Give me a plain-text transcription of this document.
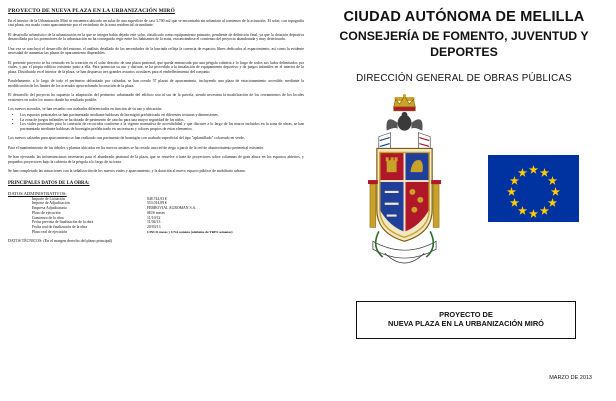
PROYECTO DE NUEVA PLAZA EN LA URBANIZACIÓN MIRÓ

En el interior de la Urbanización Miró se encuentra ubicado un solar de una superficie de casi 3.700 m2 que se encontraba sin urbanizar al comienzo de la actuación. El solar, con topografía casi plana, era usado como aparcamiento por el vecindario de la zona residencial circundante.

El desarrollo urbanístico de la urbanización en la que se integra había dejado este solar, clasificado como equipamiento primario, pendiente de definición final, ya que la dotación deportiva desarrollada por los promotores de la urbanización no ha conseguido regir entre los habitantes de la zona, encontrándose el comienzo del proyecto abandonada y muy deteriorada.

Una vez se concluyó el desarrollo del entorno, el análisis detallado de las necesidades de la barriada refleja la carencia de espacios libres dedicados al esparcimiento, así como la evidente necesidad de aumentar las plazas de aparcamiento disponibles.

El presente proyecto se ha centrado en la creación en el solar descrito de una plaza peatonal, que queda enmarcada por una pérgola cubierta a lo largo de todos sus lados delimitados por viales, y por el propio edificio existente junto a ella. Para potenciar su uso y disfrute, se ha procedido a la instalación de equipamiento deportivo y de juegos infantiles en el interior de la plaza. Distribuido en el interior de la plaza, se han dispuesto tres grandes aviarios circulares para el embellecimiento del conjunto.

Paralelamente, a lo largo de todo el perímetro delimitado por calzadas, se han creado 57 plazas de aparcamiento, incluyendo una plaza de estacionamiento accesible, mediante la modificación de los límites de los acerados aprovechando la creación de la plaza.

El desarrollo del proyecto ha supuesto la adaptación del perímetro urbanizado del edificio sito al sur de la parcela, siendo necesaria la modificación de los cerramientos de los locales existentes en todos los muros donde ha resultado posible.

Los nuevos acerados, se han resuelto con acabados diferenciados en función de su uso y ubicación:

• Los espacios peatonales se han pavimentado mediante baldosas de hormigón prefabricado en diferentes texturas y dimensiones.
• La zona de juegos infantiles se ha dotado de pavimento de caucho para una mayor seguridad de los niños.
• Los viales peatonales para la conexión de recorridos conforme a la vigente normativa de accesibilidad y que discurre a lo largo de los muros incluidos en la zona de obras, se han pavimentado mediante baldosas de hormigón prefabricado en un texturas y colores propios de estos elementos.

Los nuevos calzadas para aparcamiento se han realizado con pavimento de hormigón con acabado superficial del tipo "aplantillado" coloreado en verde.

Para el mantenimiento de los árboles y plantas ubicados en los nuevos arriates se ha creado una red de riego a partir de la red de abastecimiento perimetral existente.

Se han ejecutado las infraestructuras necesarias para el alumbrado peatonal de la plaza, que se resuelve a base de proyectores sobre columnas de gran altura en los espacios abiertos, y pequeños proyectores bajo la cubierta de la pérgola a lo largo de su traza.

Se han completado las actuaciones con la señalización de los nuevos viales y aparcamiento, y la dotación al nuevo espacio público de mobiliario urbano.

PRINCIPALES DATOS DE LA OBRA:
DATOS ADMINISTRATIVOS:
Importe de Licitación	848.744,93 €
Importe de Adjudicación	553.014,89 €
Empresa Adjudicataria	FERROVIAL AGROMAN S.A.
Plazo de ejecución	SEIS meses
Comienzo de la obra	11/10/12
Fecha prevista de finalización de la obra	11/04/13
Fecha real de finalización de la obra	20/03/13
Plazo real de ejecución	CINCO meses y UNA semana (adelanto de TRES semanas)
DATOS TÉCNICOS: (En el margen derecho del plano principal)
CIUDAD AUTÓNOMA DE MELILLA
CONSEJERÍA DE FOMENTO, JUVENTUD Y
DEPORTES
DIRECCIÓN GENERAL DE OBRAS PÚBLICAS
PROYECTO DE
NUEVA PLAZA EN LA URBANIZACIÓN MIRÓ
MARZO DE 2013
